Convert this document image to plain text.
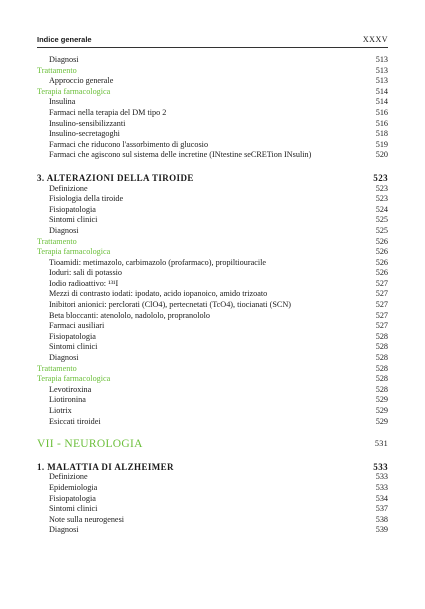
Indice generale	XXXV
Diagnosi	513
Trattamento	513
Approccio generale	513
Terapia farmacologica	514
Insulina	514
Farmaci nella terapia del DM tipo 2	516
Insulino-sensibilizzanti	516
Insulino-secretagoghi	518
Farmaci che riducono l'assorbimento di glucosio	519
Farmaci che agiscono sul sistema delle incretine (INtestine seCRETion INsulin)	520
3. ALTERAZIONI DELLA TIROIDE	523
Definizione	523
Fisiologia della tiroide	523
Fisiopatologia	524
Sintomi clinici	525
Diagnosi	525
Trattamento	526
Terapia farmacologica	526
Tioamidi: metimazolo, carbimazolo (profarmaco), propiltiouracile	526
Ioduri: sali di potassio	526
Iodio radioattivo: ¹³¹I	527
Mezzi di contrasto iodati: ipodato, acido iopanoico, amido trizoato	527
Inibitori anionici: perclorati (ClO4), pertecnetati (TcO4), tiocianati (SCN)	527
Beta bloccanti: atenololo, nadololo, propranololo	527
Farmaci ausiliari	527
Fisiopatologia	528
Sintomi clinici	528
Diagnosi	528
Trattamento	528
Terapia farmacologica	528
Levotiroxina	528
Liotironina	529
Liotrix	529
Esiccati tiroidei	529
VII - NEUROLOGIA	531
1. MALATTIA DI ALZHEIMER	533
Definizione	533
Epidemiologia	533
Fisiopatologia	534
Sintomi clinici	537
Note sulla neurogenesi	538
Diagnosi	539
